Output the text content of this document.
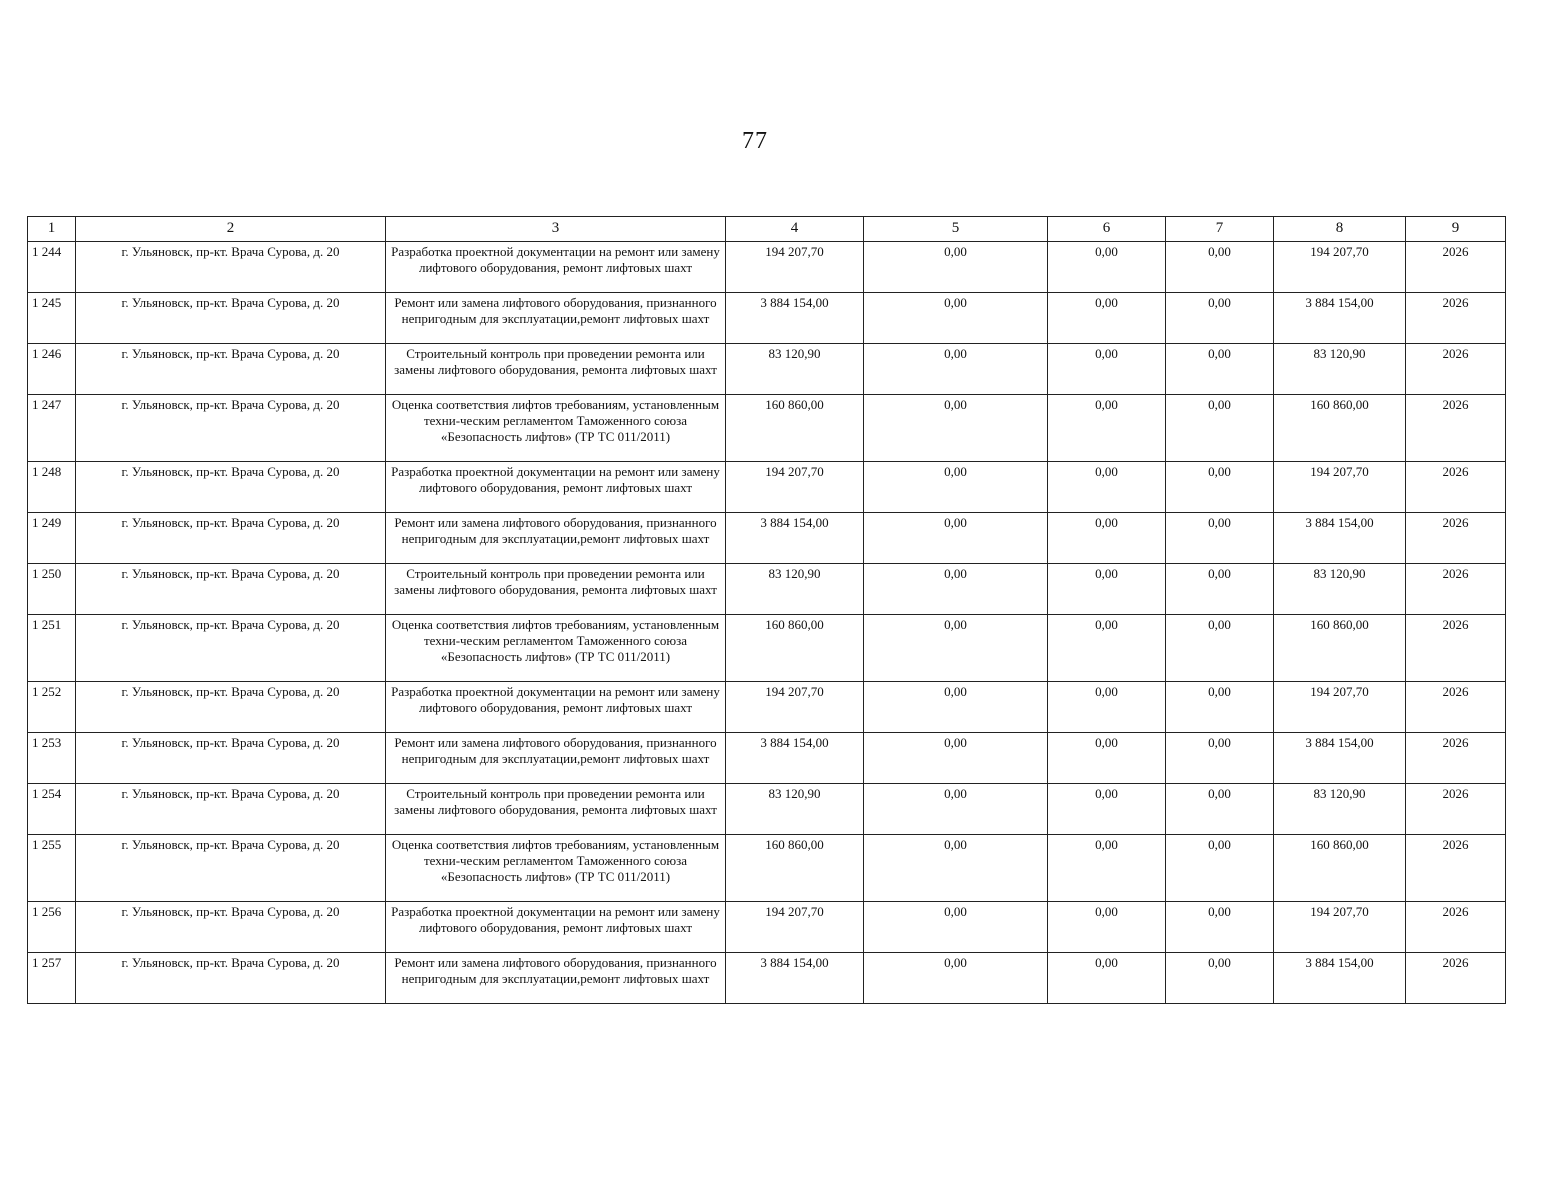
77
1	2	3	4	5	6	7	8	9
1 244	г. Ульяновск, пр-кт. Врача Сурова, д. 20	Разработка проектной документации на ремонт или замену лифтового оборудования, ремонт лифтовых шахт	194 207,70	0,00	0,00	0,00	194 207,70	2026
1 245	г. Ульяновск, пр-кт. Врача Сурова, д. 20	Ремонт или замена лифтового оборудования, признанного непригодным для эксплуатации,ремонт лифтовых шахт	3 884 154,00	0,00	0,00	0,00	3 884 154,00	2026
1 246	г. Ульяновск, пр-кт. Врача Сурова, д. 20	Строительный контроль при проведении ремонта или замены лифтового оборудования, ремонта лифтовых шахт	83 120,90	0,00	0,00	0,00	83 120,90	2026
1 247	г. Ульяновск, пр-кт. Врача Сурова, д. 20	Оценка соответствия лифтов требованиям, установленным техни-ческим регламентом Таможенного союза «Безопасность лифтов» (ТР ТС 011/2011)	160 860,00	0,00	0,00	0,00	160 860,00	2026
1 248	г. Ульяновск, пр-кт. Врача Сурова, д. 20	Разработка проектной документации на ремонт или замену лифтового оборудования, ремонт лифтовых шахт	194 207,70	0,00	0,00	0,00	194 207,70	2026
1 249	г. Ульяновск, пр-кт. Врача Сурова, д. 20	Ремонт или замена лифтового оборудования, признанного непригодным для эксплуатации,ремонт лифтовых шахт	3 884 154,00	0,00	0,00	0,00	3 884 154,00	2026
1 250	г. Ульяновск, пр-кт. Врача Сурова, д. 20	Строительный контроль при проведении ремонта или замены лифтового оборудования, ремонта лифтовых шахт	83 120,90	0,00	0,00	0,00	83 120,90	2026
1 251	г. Ульяновск, пр-кт. Врача Сурова, д. 20	Оценка соответствия лифтов требованиям, установленным техни-ческим регламентом Таможенного союза «Безопасность лифтов» (ТР ТС 011/2011)	160 860,00	0,00	0,00	0,00	160 860,00	2026
1 252	г. Ульяновск, пр-кт. Врача Сурова, д. 20	Разработка проектной документации на ремонт или замену лифтового оборудования, ремонт лифтовых шахт	194 207,70	0,00	0,00	0,00	194 207,70	2026
1 253	г. Ульяновск, пр-кт. Врача Сурова, д. 20	Ремонт или замена лифтового оборудования, признанного непригодным для эксплуатации,ремонт лифтовых шахт	3 884 154,00	0,00	0,00	0,00	3 884 154,00	2026
1 254	г. Ульяновск, пр-кт. Врача Сурова, д. 20	Строительный контроль при проведении ремонта или замены лифтового оборудования, ремонта лифтовых шахт	83 120,90	0,00	0,00	0,00	83 120,90	2026
1 255	г. Ульяновск, пр-кт. Врача Сурова, д. 20	Оценка соответствия лифтов требованиям, установленным техни-ческим регламентом Таможенного союза «Безопасность лифтов» (ТР ТС 011/2011)	160 860,00	0,00	0,00	0,00	160 860,00	2026
1 256	г. Ульяновск, пр-кт. Врача Сурова, д. 20	Разработка проектной документации на ремонт или замену лифтового оборудования, ремонт лифтовых шахт	194 207,70	0,00	0,00	0,00	194 207,70	2026
1 257	г. Ульяновск, пр-кт. Врача Сурова, д. 20	Ремонт или замена лифтового оборудования, признанного непригодным для эксплуатации,ремонт лифтовых шахт	3 884 154,00	0,00	0,00	0,00	3 884 154,00	2026
